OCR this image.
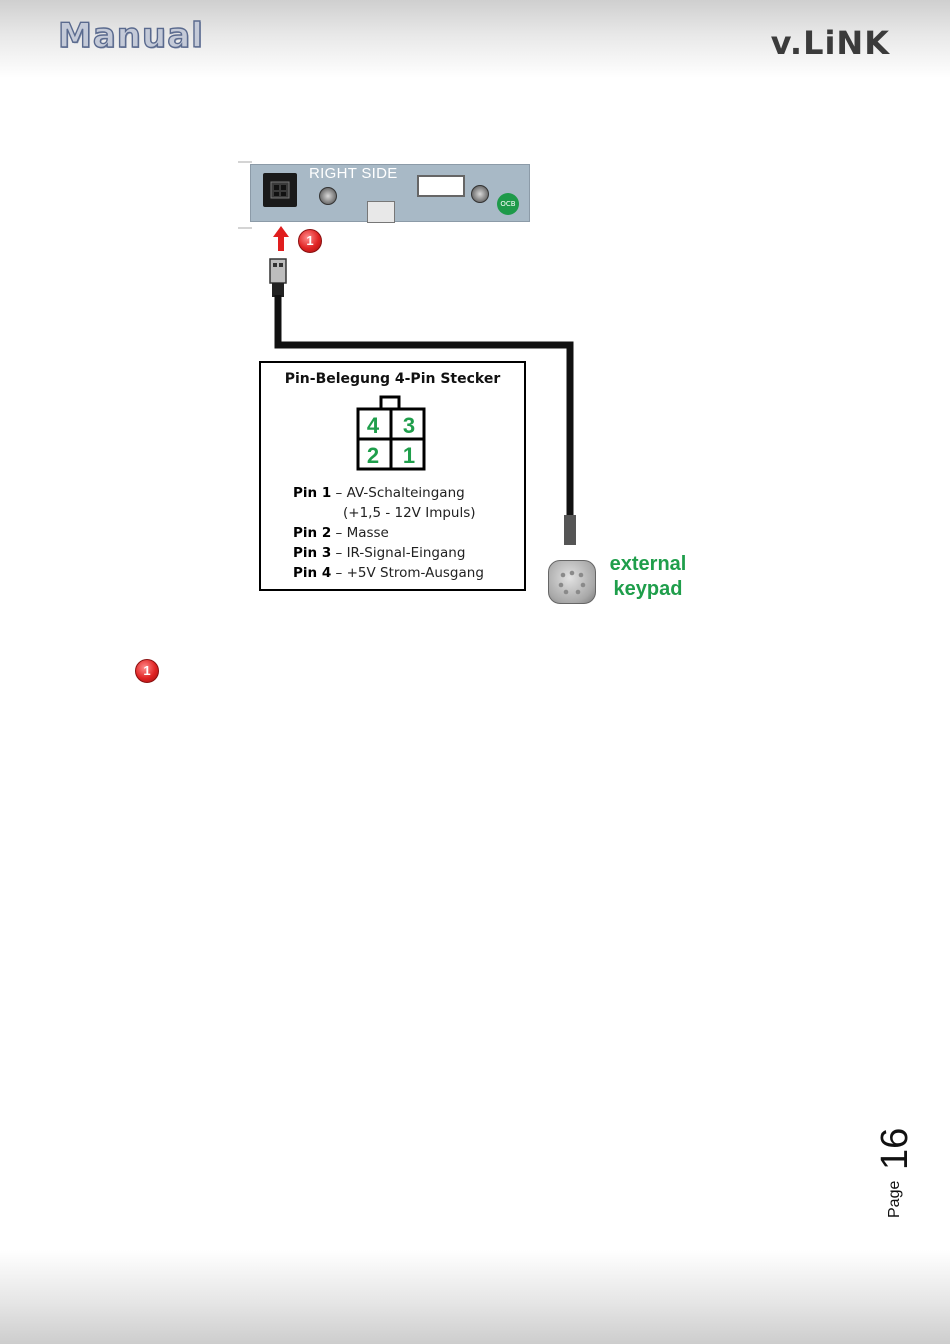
Manual	v.LiNK
RIGHT SIDE
OCB
1
Pin-Belegung 4-Pin Stecker
4 3
2 1
Pin 1 – AV-Schalteingang
(+1,5 - 12V Impuls)
Pin 2 – Masse
Pin 3 – IR-Signal-Eingang
Pin 4 – +5V Strom-Ausgang	external
keypad
1
Page
16
